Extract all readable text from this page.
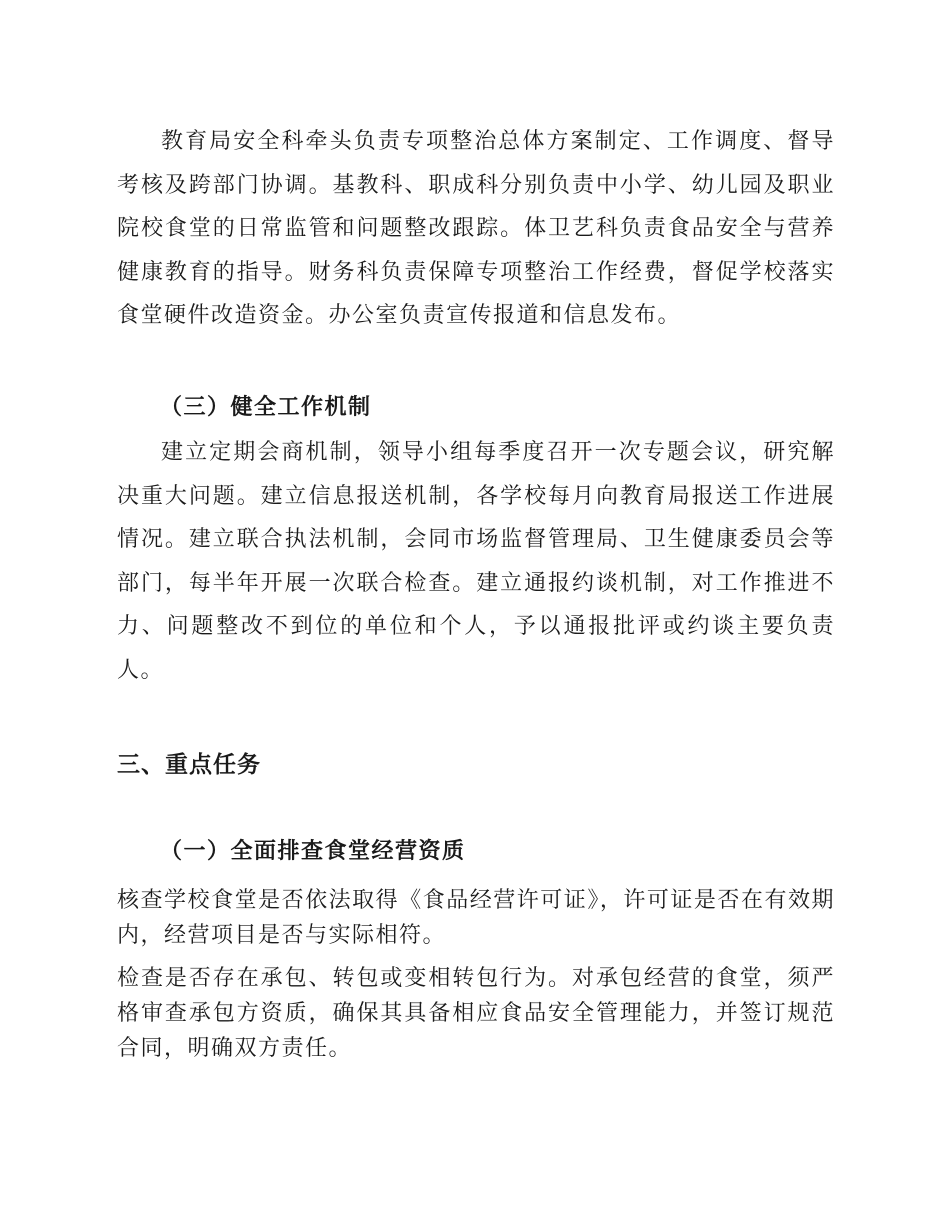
教育局安全科牵头负责专项整治总体方案制定、工作调度、督导考核及跨部门协调。基教科、职成科分别负责中小学、幼儿园及职业院校食堂的日常监管和问题整改跟踪。体卫艺科负责食品安全与营养健康教育的指导。财务科负责保障专项整治工作经费，督促学校落实食堂硬件改造资金。办公室负责宣传报道和信息发布。

（三）健全工作机制

建立定期会商机制，领导小组每季度召开一次专题会议，研究解决重大问题。建立信息报送机制，各学校每月向教育局报送工作进展情况。建立联合执法机制，会同市场监督管理局、卫生健康委员会等部门，每半年开展一次联合检查。建立通报约谈机制，对工作推进不力、问题整改不到位的单位和个人，予以通报批评或约谈主要负责人。

三、重点任务
（一）全面排查食堂经营资质

核查学校食堂是否依法取得《食品经营许可证》，许可证是否在有效期内，经营项目是否与实际相符。

检查是否存在承包、转包或变相转包行为。对承包经营的食堂，须严格审查承包方资质，确保其具备相应食品安全管理能力，并签订规范合同，明确双方责任。
